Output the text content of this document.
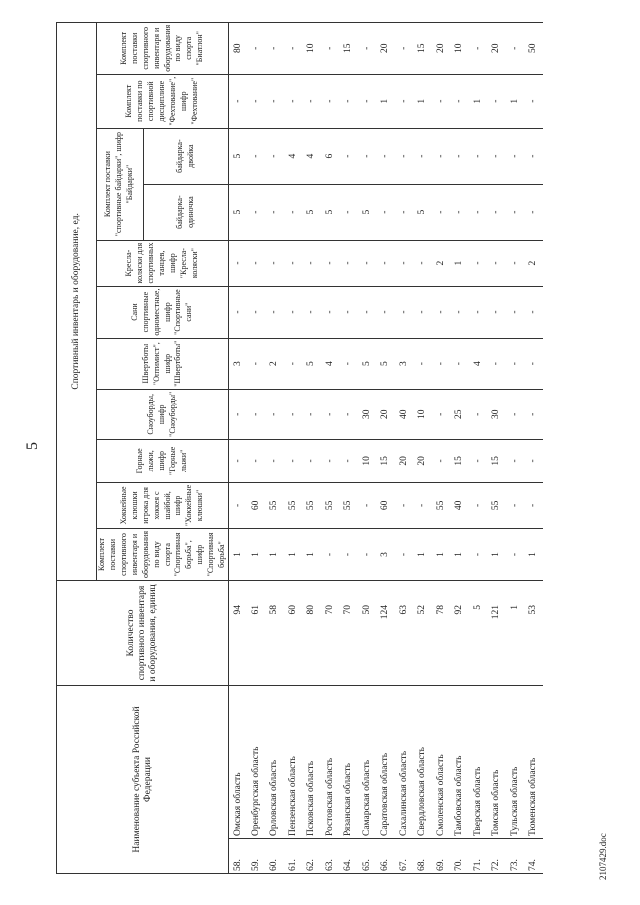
5
Наименование субъекта Российской Федерации		Количество спортивного инвентаря и оборудования, единиц	Спортивный инвентарь и оборудование, ед.										
			Комплект поставки спортивного инвентаря и оборудования по виду спорта "Спортивная борьба", шифр "Спортивная борьба"	Хоккейные клюшки игрока для хоккея с шайбой, шифр "Хоккейные клюшки"	Горные лыжи, шифр "Горные лыжи"	Сноуборды, шифр "Сноуборды"	Швертботы "Оптимист", шифр "Швертботы"	Сани спортивные одноместные, шифр "Спортивные сани"	Кресла-коляски для спортивных танцев, шифр "Кресла-коляски"	Комплект поставки "спортивные байдарки", шифр "Байдарки"		Комплект поставки по спортивной дисциплине "Фехтование", шифр "Фехтование"	Комплект поставки спортивного инвентаря и оборудования по виду спорта "Биатлон"
										байдарка-одиночка	байдарка-двойка		
58.	Омская область	94	1	-	-	-	3	-	-	5	5	-	80
59.	Оренбургская область	61	1	60	-	-	-	-	-	-	-	-	-
60.	Орловская область	58	1	55	-	-	2	-	-	-	-	-	-
61.	Пензенская область	60	1	55	-	-	-	-	-	-	4	-	-
62.	Псковская область	80	1	55	-	-	5	-	-	5	4	-	10
63.	Ростовская область	70	-	55	-	-	4	-	-	5	6	-	-
64.	Рязанская область	70	-	55	-	-	-	-	-	-	-	-	15
65.	Самарская область	50	-	-	10	30	5	-	-	5	-	-	-
66.	Саратовская область	124	3	60	15	20	5	-	-	-	-	1	20
67.	Сахалинская область	63	-	-	20	40	3	-	-	-	-	-	-
68.	Свердловская область	52	1	-	20	10	-	-	-	5	-	1	15
69.	Смоленская область	78	1	55	-	-	-	-	2	-	-	-	20
70.	Тамбовская область	92	1	40	15	25	-	-	1	-	-	-	10
71.	Тверская область	5	-	-	-	-	4	-	-	-	-	1	-
72.	Томская область	121	1	55	15	30	-	-	-	-	-	-	20
73.	Тульская область	1	-	-	-	-	-	-	-	-	-	1	-
74.	Тюменская область	53	1	-	-	-	-	-	2	-	-	-	50
2107429.doc
